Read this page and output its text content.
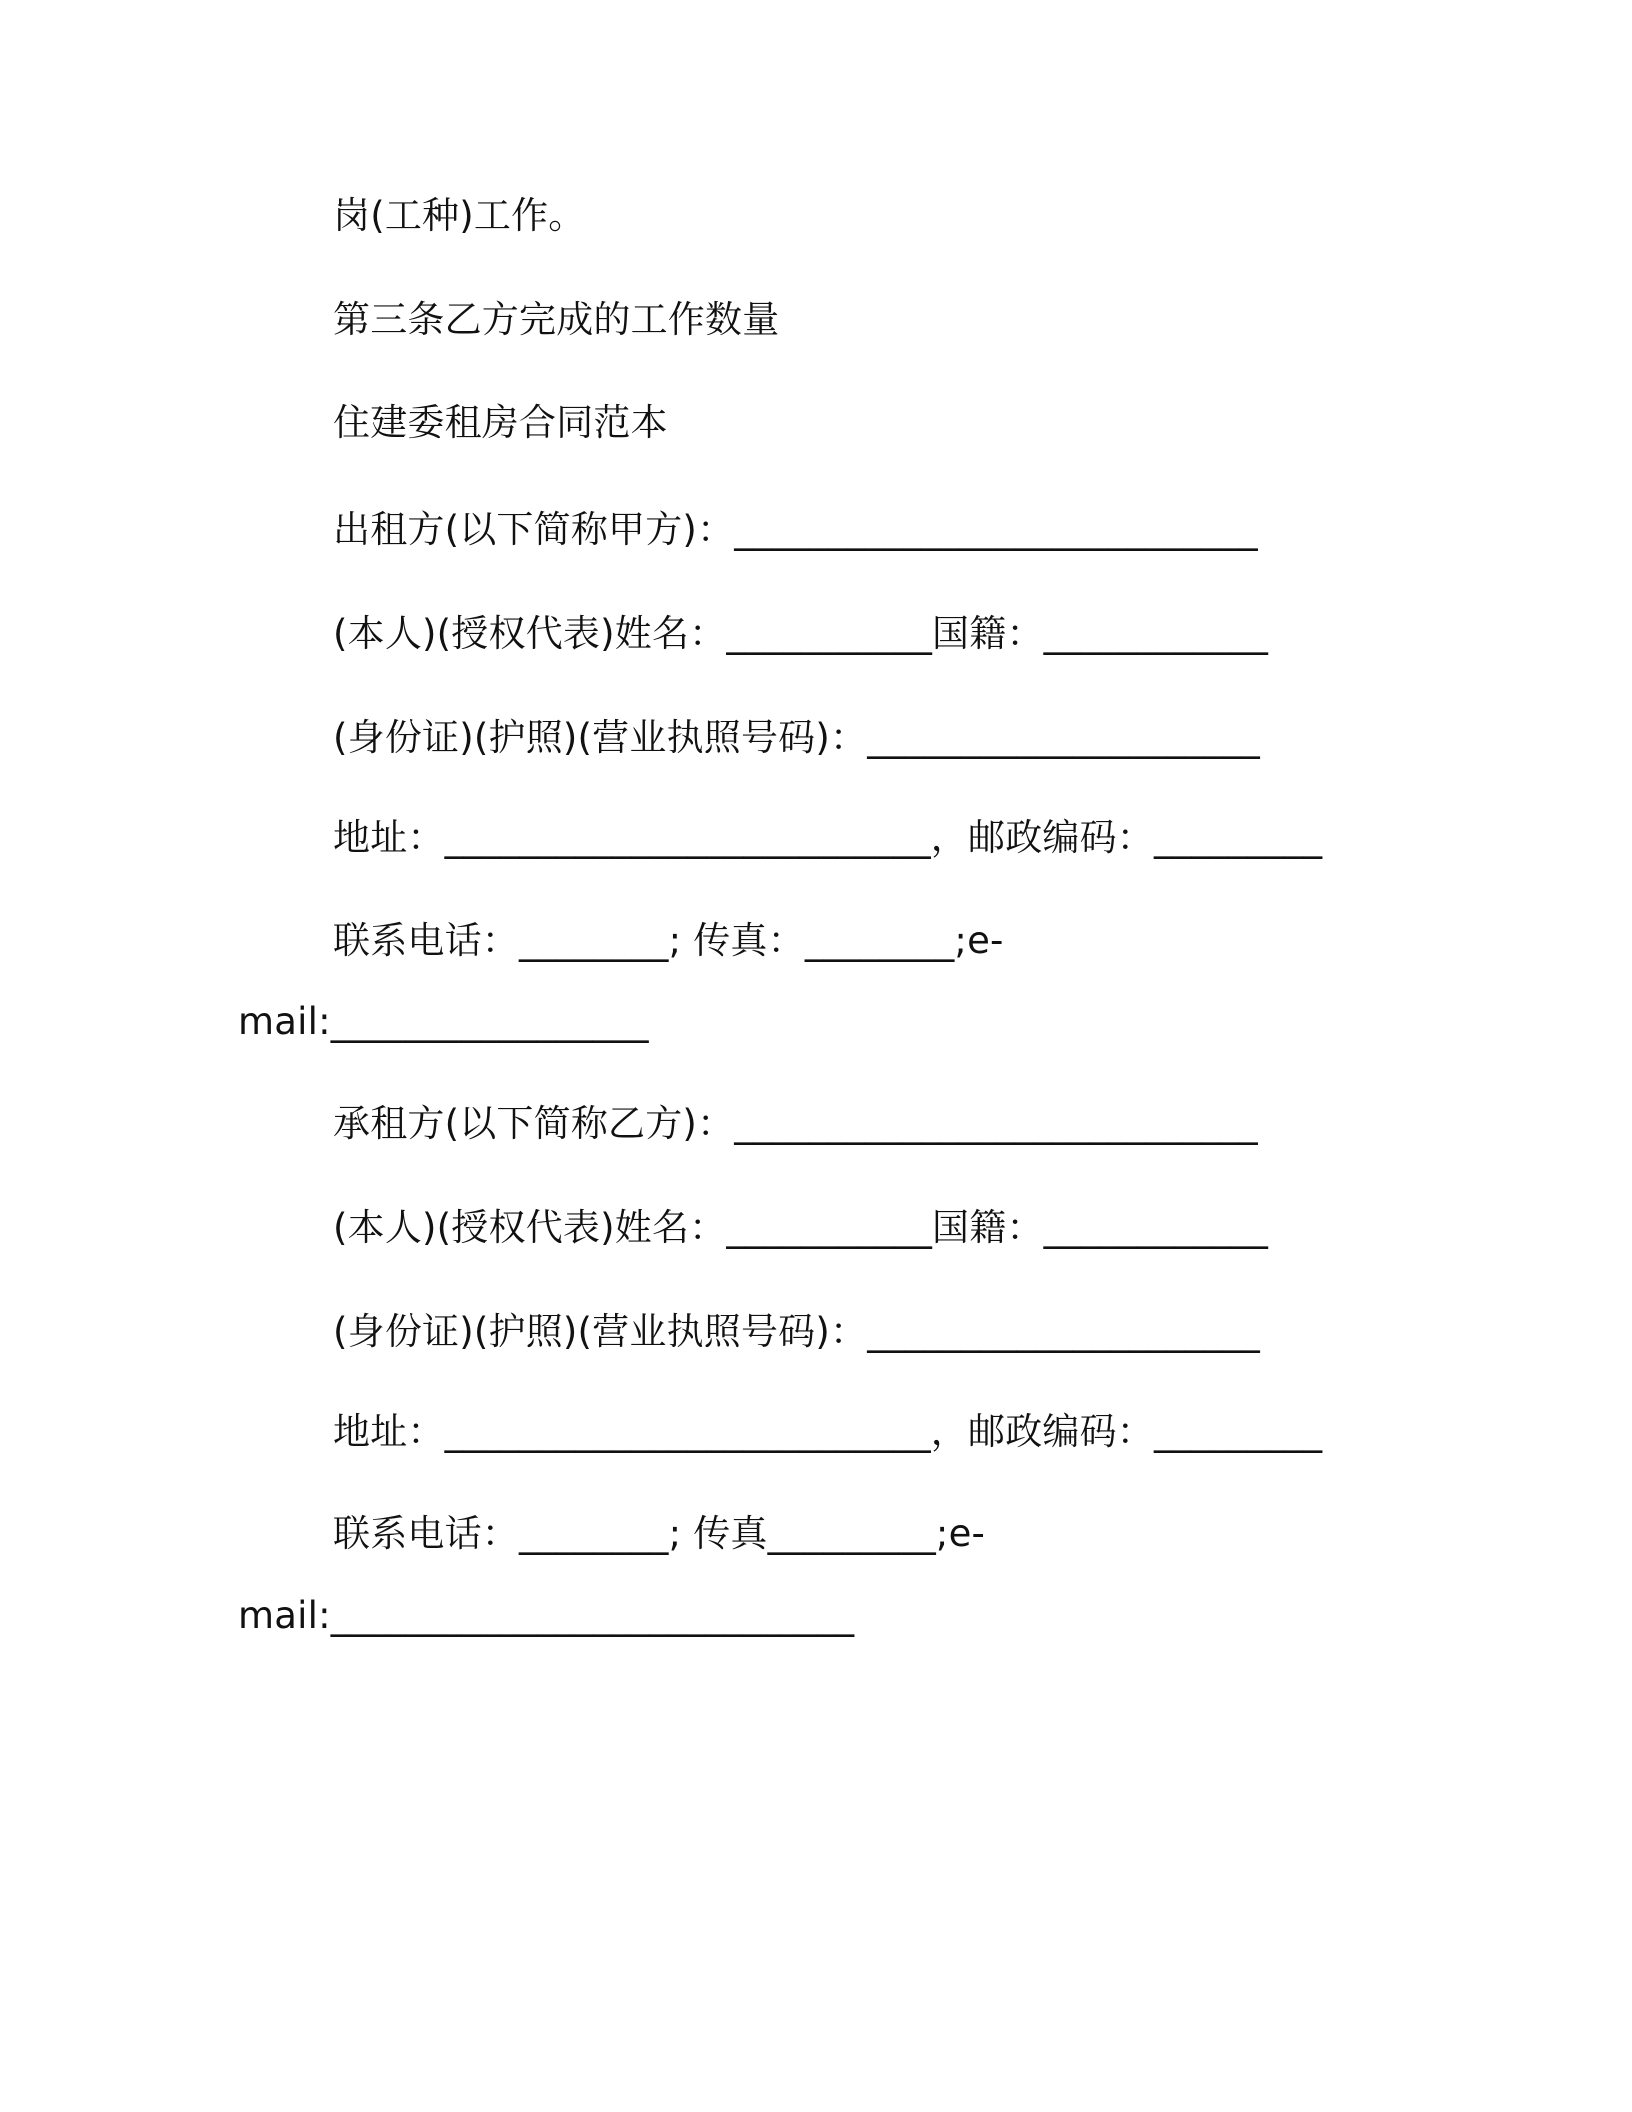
岗(工种)工作。
第三条乙方完成的工作数量
住建委租房合同范本
出租方(以下简称甲方)：____________________________
(本人)(授权代表)姓名：___________国籍：____________
(身份证)(护照)(营业执照号码)：_____________________
地址：__________________________，邮政编码：_________
联系电话：________; 传真：________;e-
mail:_________________
承租方(以下简称乙方)：____________________________
(本人)(授权代表)姓名：___________国籍：____________
(身份证)(护照)(营业执照号码)：_____________________
地址：__________________________，邮政编码：_________
联系电话：________; 传真_________;e-
mail:____________________________
